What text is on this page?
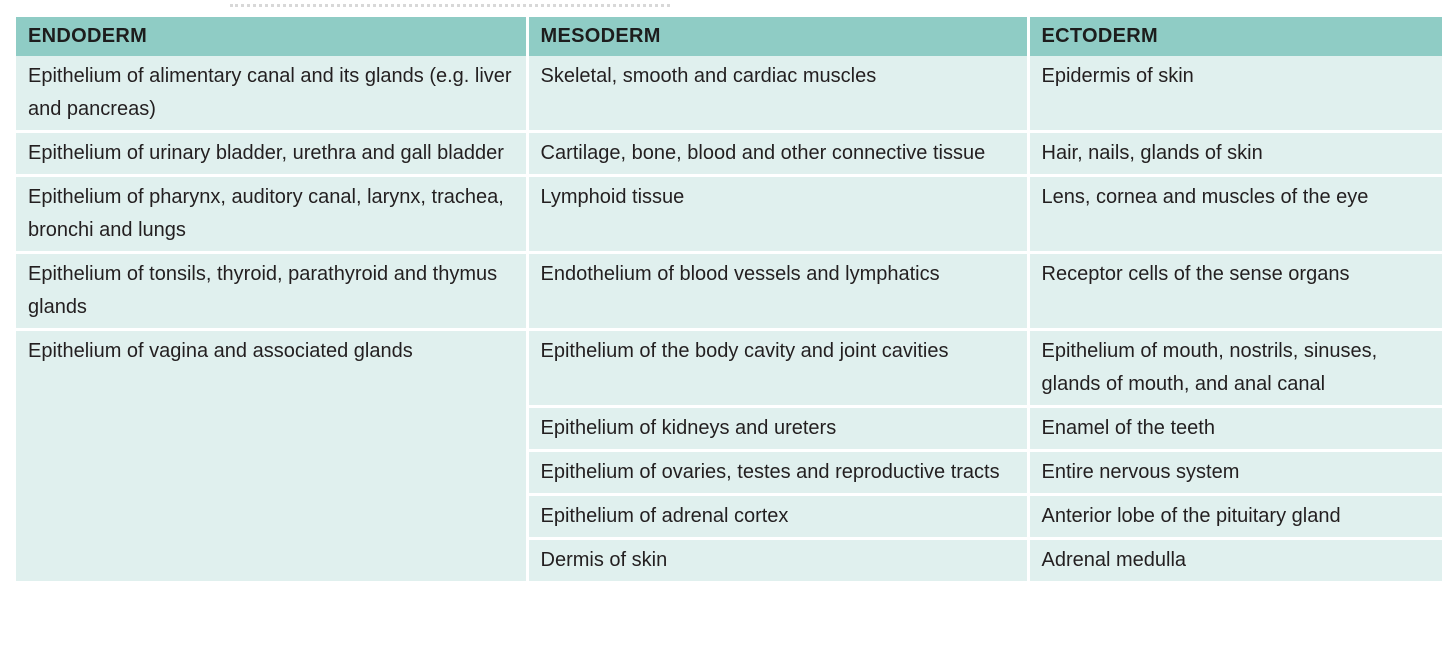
ENDODERM	MESODERM	ECTODERM
Epithelium of alimentary canal and its glands (e.g. liver and pancreas)	Skeletal, smooth and cardiac muscles	Epidermis of skin
Epithelium of urinary bladder, urethra and gall bladder	Cartilage, bone, blood and other connective tissue	Hair, nails, glands of skin
Epithelium of pharynx, auditory canal, larynx, trachea, bronchi and lungs	Lymphoid tissue	Lens, cornea and muscles of the eye
Epithelium of tonsils, thyroid, parathyroid and thymus glands	Endothelium of blood vessels and lymphatics	Receptor cells of the sense organs
Epithelium of vagina and associated glands	Epithelium of the body cavity and joint cavities	Epithelium of mouth, nostrils, sinuses, glands of mouth, and anal canal
	Epithelium of kidneys and ureters	Enamel of the teeth
	Epithelium of ovaries, testes and reproductive tracts	Entire nervous system
	Epithelium of adrenal cortex	Anterior lobe of the pituitary gland
	Dermis of skin	Adrenal medulla
